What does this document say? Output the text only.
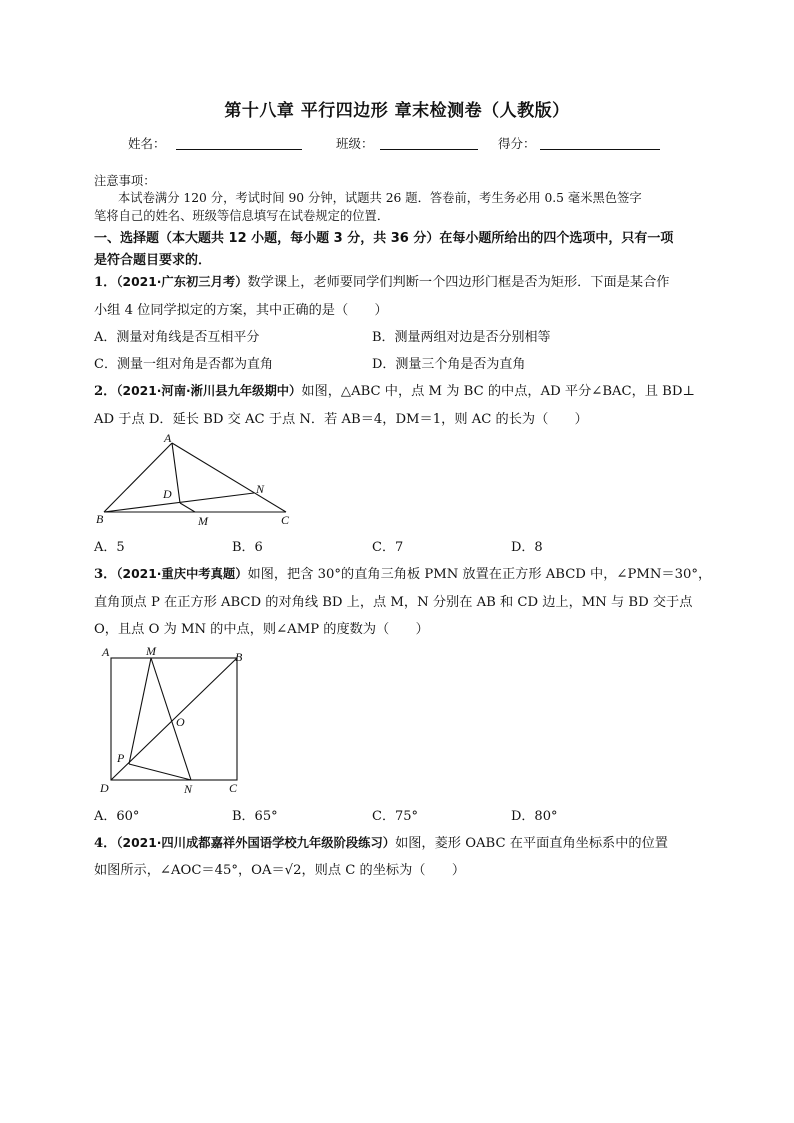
第十八章 平行四边形 章末检测卷（人教版）
姓名：	班级：	得分：
注意事项：
本试卷满分 120 分，考试时间 90 分钟，试题共 26 题．答卷前，考生务必用 0.5 毫米黑色签字
笔将自己的姓名、班级等信息填写在试卷规定的位置．
一、选择题（本大题共 12 小题，每小题 3 分，共 36 分）在每小题所给出的四个选项中，只有一项
是符合题目要求的．
1．（2021·广东初三月考）数学课上，老师要同学们判断一个四边形门框是否为矩形．下面是某合作
小组 4 位同学拟定的方案，其中正确的是（　　）
A．测量对角线是否互相平分	B．测量两组对边是否分别相等
C．测量一组对角是否都为直角	D．测量三个角是否为直角
2．（2021·河南·淅川县九年级期中）如图，△ABC 中，点 M 为 BC 的中点，AD 平分∠BAC，且 BD⊥
AD 于点 D．延长 BD 交 AC 于点 N．若 AB＝4，DM＝1，则 AC 的长为（　　）
A
D	N
B	M	C
A．5	B．6	C．7	D．8
3．（2021·重庆中考真题）如图，把含 30°的直角三角板 PMN 放置在正方形 ABCD 中，∠PMN＝30°，
直角顶点 P 在正方形 ABCD 的对角线 BD 上，点 M，N 分别在 AB 和 CD 边上，MN 与 BD 交于点
O，且点 O 为 MN 的中点，则∠AMP 的度数为（　　）
A	M	B
O
P
D	N	C
A．60°	B．65°	C．75°	D．80°
4．（2021·四川成都嘉祥外国语学校九年级阶段练习）如图，菱形 OABC 在平面直角坐标系中的位置
如图所示，∠AOC＝45°，OA＝√2，则点 C 的坐标为（　　）
